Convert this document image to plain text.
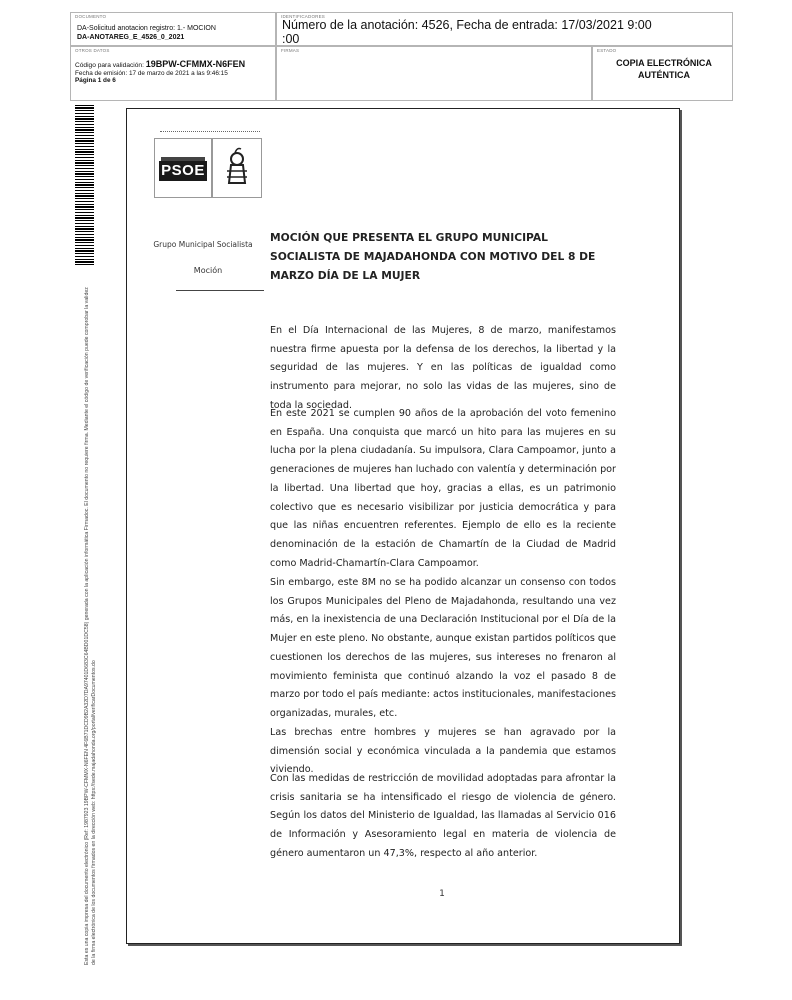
DOCUMENTO
DA-Solicitud anotacion registro: 1.- MOCION
DA-ANOTAREG_E_4526_0_2021
IDENTIFICADORES
Número de la anotación: 4526, Fecha de entrada: 17/03/2021 9:00 :00
OTROS DATOS
Código para validación: 19BPW-CFMMX-N6FEN
Fecha de emisión: 17 de marzo de 2021 a las 9:46:15
Página 1 de 6
FIRMAS	ESTADO
COPIA ELECTRÓNICA AUTÉNTICA
Esta es una copia impresa del documento electrónico (Ref: 1987923 19BPW-CFMMX-N6FEN 4F6B71DCD9B2A32D7DA97401D683C64BD01DC58) generada con la aplicación informática Firmadoc. El documento no requiere firma. Mediante el código de verificación puede comprobar la validez de la firma electrónica de los documentos firmados en la dirección web: https://sede.majadahonda.org/portal/verificarDocumentos.do
PSOE
Grupo Municipal Socialista
Moción
MOCIÓN QUE PRESENTA EL GRUPO MUNICIPAL SOCIALISTA DE MAJADAHONDA CON MOTIVO DEL 8 DE MARZO DÍA DE LA MUJER
En el Día Internacional de las Mujeres, 8 de marzo, manifestamos nuestra firme apuesta por la defensa de los derechos, la libertad y la seguridad de las mujeres. Y en las políticas de igualdad como instrumento para mejorar, no solo las vidas de las mujeres, sino de toda la sociedad.
En este 2021 se cumplen 90 años de la aprobación del voto femenino en España. Una conquista que marcó un hito para las mujeres en su lucha por la plena ciudadanía. Su impulsora, Clara Campoamor, junto a generaciones de mujeres han luchado con valentía y determinación por la libertad. Una libertad que hoy, gracias a ellas, es un patrimonio colectivo que es necesario visibilizar por justicia democrática y para que las niñas encuentren referentes. Ejemplo de ello es la reciente denominación de la estación de Chamartín de la Ciudad de Madrid como Madrid-Chamartín-Clara Campoamor.
Sin embargo, este 8M no se ha podido alcanzar un consenso con todos los Grupos Municipales del Pleno de Majadahonda, resultando una vez más, en la inexistencia de una Declaración Institucional por el Día de la Mujer en este pleno. No obstante, aunque existan partidos políticos que cuestionen los derechos de las mujeres, sus intereses no frenaron al movimiento feminista que continuó alzando la voz el pasado 8 de marzo por todo el país mediante: actos institucionales, manifestaciones organizadas, murales, etc.
Las brechas entre hombres y mujeres se han agravado por la dimensión social y económica vinculada a la pandemia que estamos viviendo.
Con las medidas de restricción de movilidad adoptadas para afrontar la crisis sanitaria se ha intensificado el riesgo de violencia de género. Según los datos del Ministerio de Igualdad, las llamadas al Servicio 016 de Información y Asesoramiento legal en materia de violencia de género aumentaron un 47,3%, respecto al año anterior.
1
